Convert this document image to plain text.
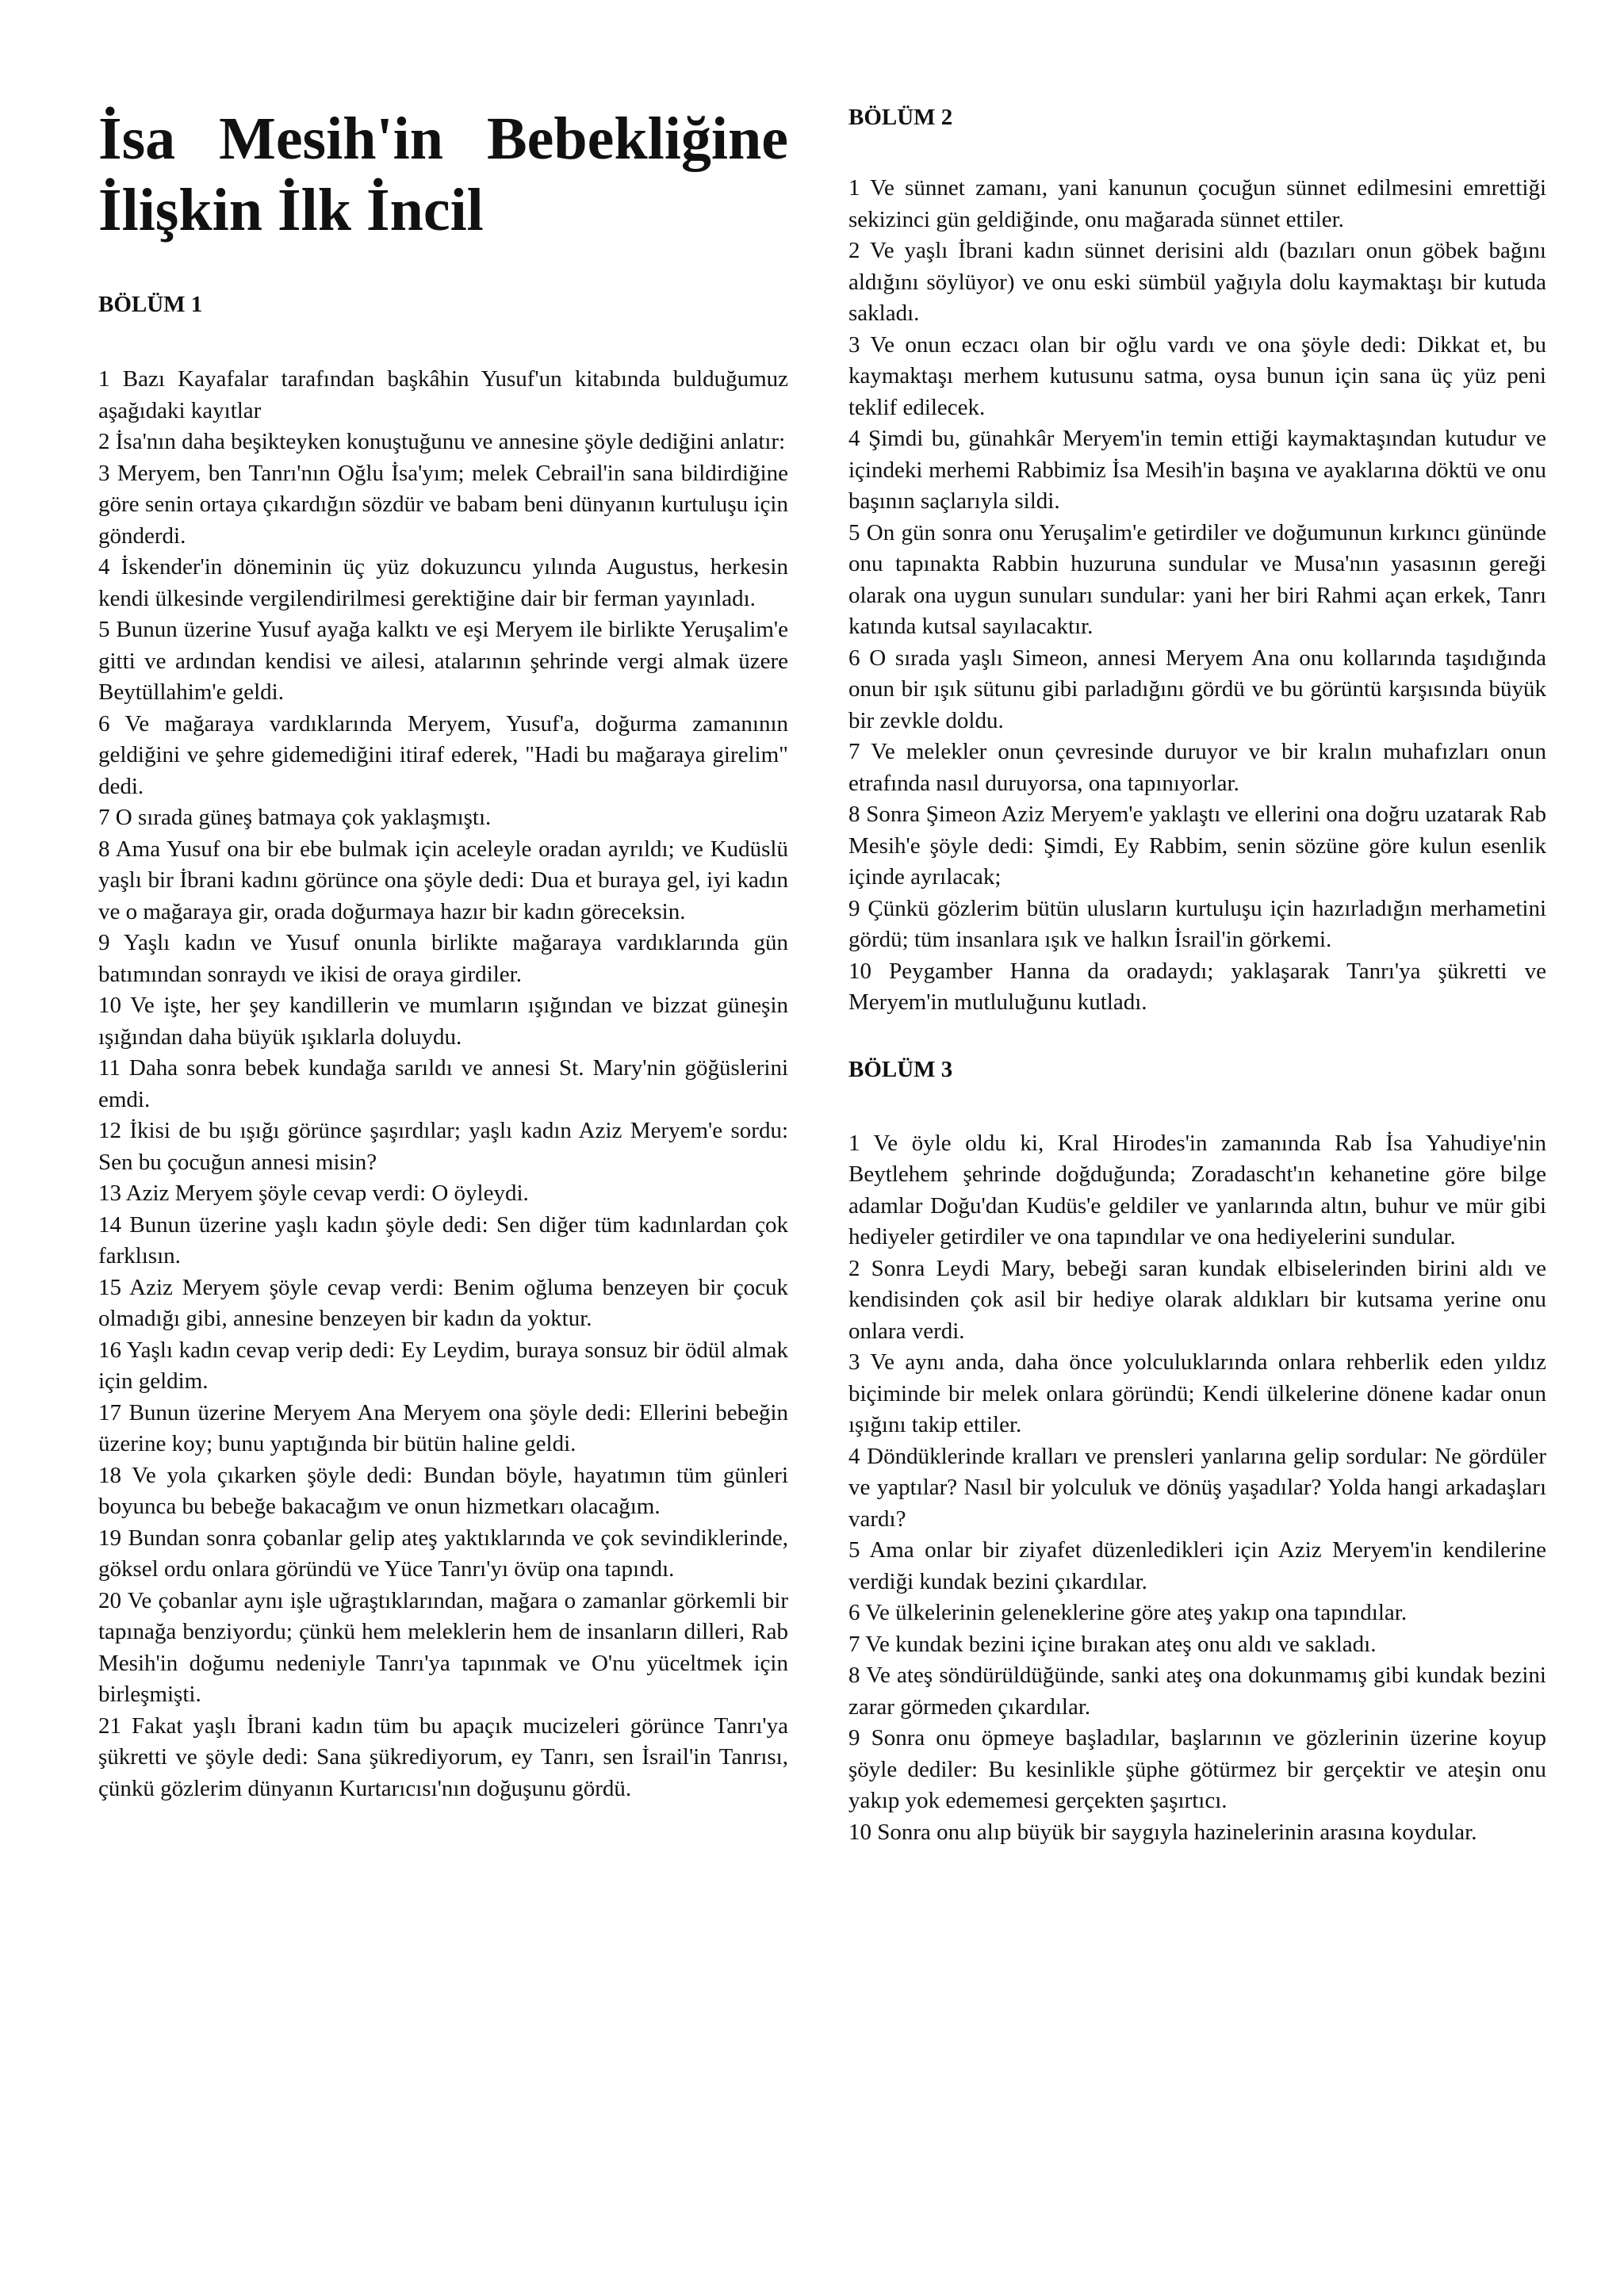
İsa Mesih'in Bebekliğine
İlişkin İlk İncil
BÖLÜM 1

1 Bazı Kayafalar tarafından başkâhin Yusuf'un kitabında bulduğumuz aşağıdaki kayıtlar

2 İsa'nın daha beşikteyken konuştuğunu ve annesine şöyle dediğini anlatır:

3 Meryem, ben Tanrı'nın Oğlu İsa'yım; melek Cebrail'in sana bildirdiğine göre senin ortaya çıkardığın sözdür ve babam beni dünyanın kurtuluşu için gönderdi.

4 İskender'in döneminin üç yüz dokuzuncu yılında Augustus, herkesin kendi ülkesinde vergilendirilmesi gerektiğine dair bir ferman yayınladı.

5 Bunun üzerine Yusuf ayağa kalktı ve eşi Meryem ile birlikte Yeruşalim'e gitti ve ardından kendisi ve ailesi, atalarının şehrinde vergi almak üzere Beytüllahim'e geldi.

6 Ve mağaraya vardıklarında Meryem, Yusuf'a, doğurma zamanının geldiğini ve şehre gidemediğini itiraf ederek, "Hadi bu mağaraya girelim" dedi.

7 O sırada güneş batmaya çok yaklaşmıştı.

8 Ama Yusuf ona bir ebe bulmak için aceleyle oradan ayrıldı; ve Kudüslü yaşlı bir İbrani kadını görünce ona şöyle dedi: Dua et buraya gel, iyi kadın ve o mağaraya gir, orada doğurmaya hazır bir kadın göreceksin.

9 Yaşlı kadın ve Yusuf onunla birlikte mağaraya vardıklarında gün batımından sonraydı ve ikisi de oraya girdiler.

10 Ve işte, her şey kandillerin ve mumların ışığından ve bizzat güneşin ışığından daha büyük ışıklarla doluydu.

11 Daha sonra bebek kundağa sarıldı ve annesi St. Mary'nin göğüslerini emdi.

12 İkisi de bu ışığı görünce şaşırdılar; yaşlı kadın Aziz Meryem'e sordu: Sen bu çocuğun annesi misin?

13 Aziz Meryem şöyle cevap verdi: O öyleydi.

14 Bunun üzerine yaşlı kadın şöyle dedi: Sen diğer tüm kadınlardan çok farklısın.

15 Aziz Meryem şöyle cevap verdi: Benim oğluma benzeyen bir çocuk olmadığı gibi, annesine benzeyen bir kadın da yoktur.

16 Yaşlı kadın cevap verip dedi: Ey Leydim, buraya sonsuz bir ödül almak için geldim.

17 Bunun üzerine Meryem Ana Meryem ona şöyle dedi: Ellerini bebeğin üzerine koy; bunu yaptığında bir bütün haline geldi.

18 Ve yola çıkarken şöyle dedi: Bundan böyle, hayatımın tüm günleri boyunca bu bebeğe bakacağım ve onun hizmetkarı olacağım.

19 Bundan sonra çobanlar gelip ateş yaktıklarında ve çok sevindiklerinde, göksel ordu onlara göründü ve Yüce Tanrı'yı övüp ona tapındı.

20 Ve çobanlar aynı işle uğraştıklarından, mağara o zamanlar görkemli bir tapınağa benziyordu; çünkü hem meleklerin hem de insanların dilleri, Rab Mesih'in doğumu nedeniyle Tanrı'ya tapınmak ve O'nu yüceltmek için birleşmişti.

21 Fakat yaşlı İbrani kadın tüm bu apaçık mucizeleri görünce Tanrı'ya şükretti ve şöyle dedi: Sana şükrediyorum, ey Tanrı, sen İsrail'in Tanrısı, çünkü gözlerim dünyanın Kurtarıcısı'nın doğuşunu gördü.

BÖLÜM 2

1 Ve sünnet zamanı, yani kanunun çocuğun sünnet edilmesini emrettiği sekizinci gün geldiğinde, onu mağarada sünnet ettiler.

2 Ve yaşlı İbrani kadın sünnet derisini aldı (bazıları onun göbek bağını aldığını söylüyor) ve onu eski sümbül yağıyla dolu kaymaktaşı bir kutuda sakladı.

3 Ve onun eczacı olan bir oğlu vardı ve ona şöyle dedi: Dikkat et, bu kaymaktaşı merhem kutusunu satma, oysa bunun için sana üç yüz peni teklif edilecek.

4 Şimdi bu, günahkâr Meryem'in temin ettiği kaymaktaşından kutudur ve içindeki merhemi Rabbimiz İsa Mesih'in başına ve ayaklarına döktü ve onu başının saçlarıyla sildi.

5 On gün sonra onu Yeruşalim'e getirdiler ve doğumunun kırkıncı gününde onu tapınakta Rabbin huzuruna sundular ve Musa'nın yasasının gereği olarak ona uygun sunuları sundular: yani her biri Rahmi açan erkek, Tanrı katında kutsal sayılacaktır.

6 O sırada yaşlı Simeon, annesi Meryem Ana onu kollarında taşıdığında onun bir ışık sütunu gibi parladığını gördü ve bu görüntü karşısında büyük bir zevkle doldu.

7 Ve melekler onun çevresinde duruyor ve bir kralın muhafızları onun etrafında nasıl duruyorsa, ona tapınıyorlar.

8 Sonra Şimeon Aziz Meryem'e yaklaştı ve ellerini ona doğru uzatarak Rab Mesih'e şöyle dedi: Şimdi, Ey Rabbim, senin sözüne göre kulun esenlik içinde ayrılacak;

9 Çünkü gözlerim bütün ulusların kurtuluşu için hazırladığın merhametini gördü; tüm insanlara ışık ve halkın İsrail'in görkemi.

10 Peygamber Hanna da oradaydı; yaklaşarak Tanrı'ya şükretti ve Meryem'in mutluluğunu kutladı.

BÖLÜM 3

1 Ve öyle oldu ki, Kral Hirodes'in zamanında Rab İsa Yahudiye'nin Beytlehem şehrinde doğduğunda; Zoradascht'ın kehanetine göre bilge adamlar Doğu'dan Kudüs'e geldiler ve yanlarında altın, buhur ve mür gibi hediyeler getirdiler ve ona tapındılar ve ona hediyelerini sundular.

2 Sonra Leydi Mary, bebeği saran kundak elbiselerinden birini aldı ve kendisinden çok asil bir hediye olarak aldıkları bir kutsama yerine onu onlara verdi.

3 Ve aynı anda, daha önce yolculuklarında onlara rehberlik eden yıldız biçiminde bir melek onlara göründü; Kendi ülkelerine dönene kadar onun ışığını takip ettiler.

4 Döndüklerinde kralları ve prensleri yanlarına gelip sordular: Ne gördüler ve yaptılar? Nasıl bir yolculuk ve dönüş yaşadılar? Yolda hangi arkadaşları vardı?

5 Ama onlar bir ziyafet düzenledikleri için Aziz Meryem'in kendilerine verdiği kundak bezini çıkardılar.

6 Ve ülkelerinin geleneklerine göre ateş yakıp ona tapındılar.

7 Ve kundak bezini içine bırakan ateş onu aldı ve sakladı.

8 Ve ateş söndürüldüğünde, sanki ateş ona dokunmamış gibi kundak bezini zarar görmeden çıkardılar.

9 Sonra onu öpmeye başladılar, başlarının ve gözlerinin üzerine koyup şöyle dediler: Bu kesinlikle şüphe götürmez bir gerçektir ve ateşin onu yakıp yok edememesi gerçekten şaşırtıcı.

10 Sonra onu alıp büyük bir saygıyla hazinelerinin arasına koydular.
